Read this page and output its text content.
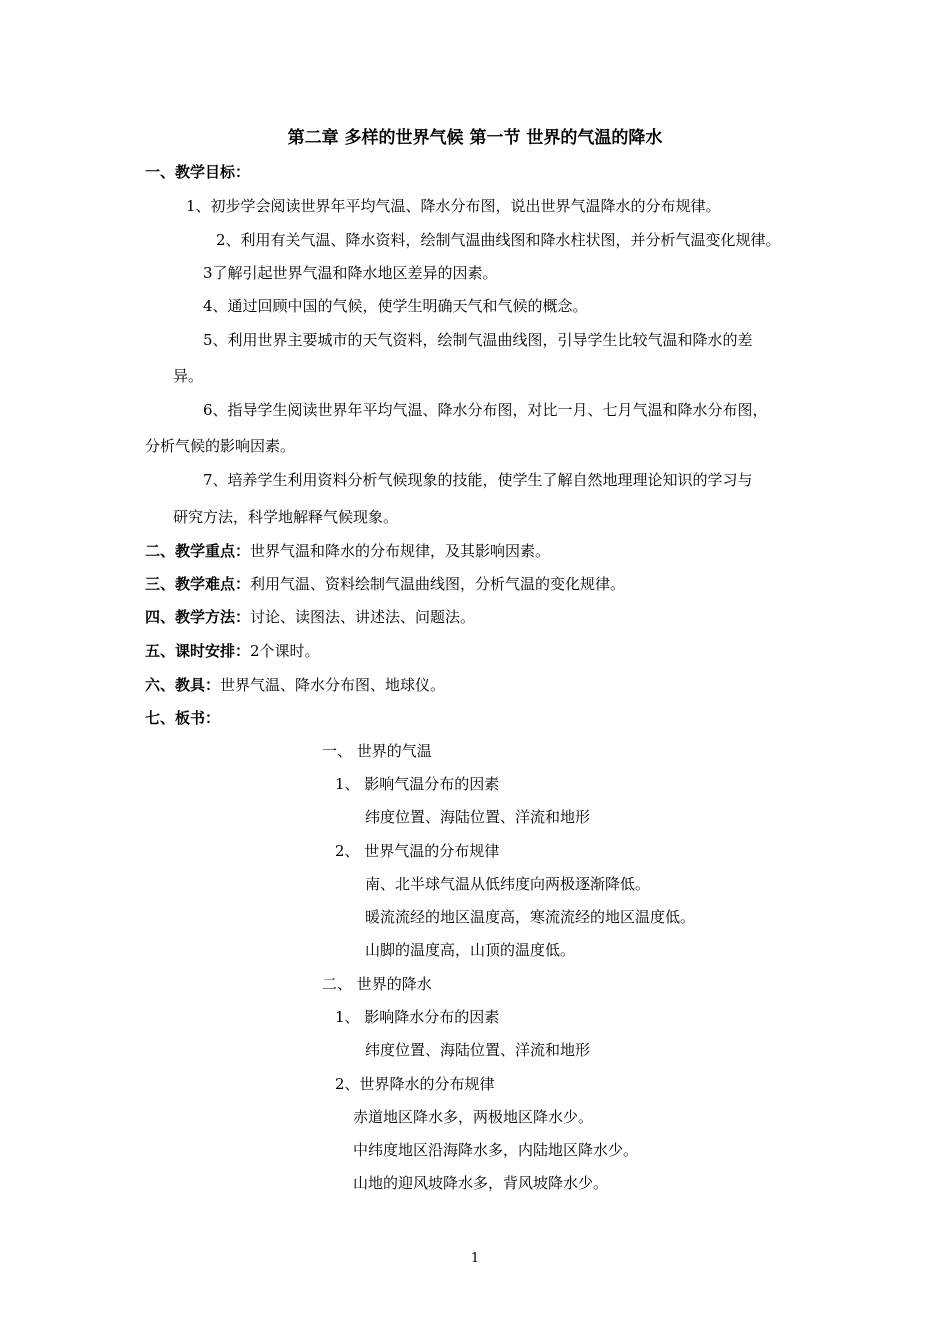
第二章 多样的世界气候 第一节 世界的气温的降水
一、教学目标：
1、初步学会阅读世界年平均气温、降水分布图，说出世界气温降水的分布规律。
2、利用有关气温、降水资料，绘制气温曲线图和降水柱状图，并分析气温变化规律。
3了解引起世界气温和降水地区差异的因素。
4、通过回顾中国的气候，使学生明确天气和气候的概念。
5、利用世界主要城市的天气资料，绘制气温曲线图，引导学生比较气温和降水的差
异。
6、指导学生阅读世界年平均气温、降水分布图，对比一月、七月气温和降水分布图，
分析气候的影响因素。
7、培养学生利用资料分析气候现象的技能，使学生了解自然地理理论知识的学习与
研究方法，科学地解释气候现象。
二、教学重点：世界气温和降水的分布规律，及其影响因素。
三、教学难点：利用气温、资料绘制气温曲线图，分析气温的变化规律。
四、教学方法：讨论、读图法、讲述法、问题法。
五、课时安排：2个课时。
六、教具：世界气温、降水分布图、地球仪。
七、板书：
一、 世界的气温
1、 影响气温分布的因素
纬度位置、海陆位置、洋流和地形
2、 世界气温的分布规律
南、北半球气温从低纬度向两极逐渐降低。
暖流流经的地区温度高，寒流流经的地区温度低。
山脚的温度高，山顶的温度低。
二、 世界的降水
1、 影响降水分布的因素
纬度位置、海陆位置、洋流和地形
2、世界降水的分布规律
赤道地区降水多，两极地区降水少。
中纬度地区沿海降水多，内陆地区降水少。
山地的迎风坡降水多，背风坡降水少。
1
